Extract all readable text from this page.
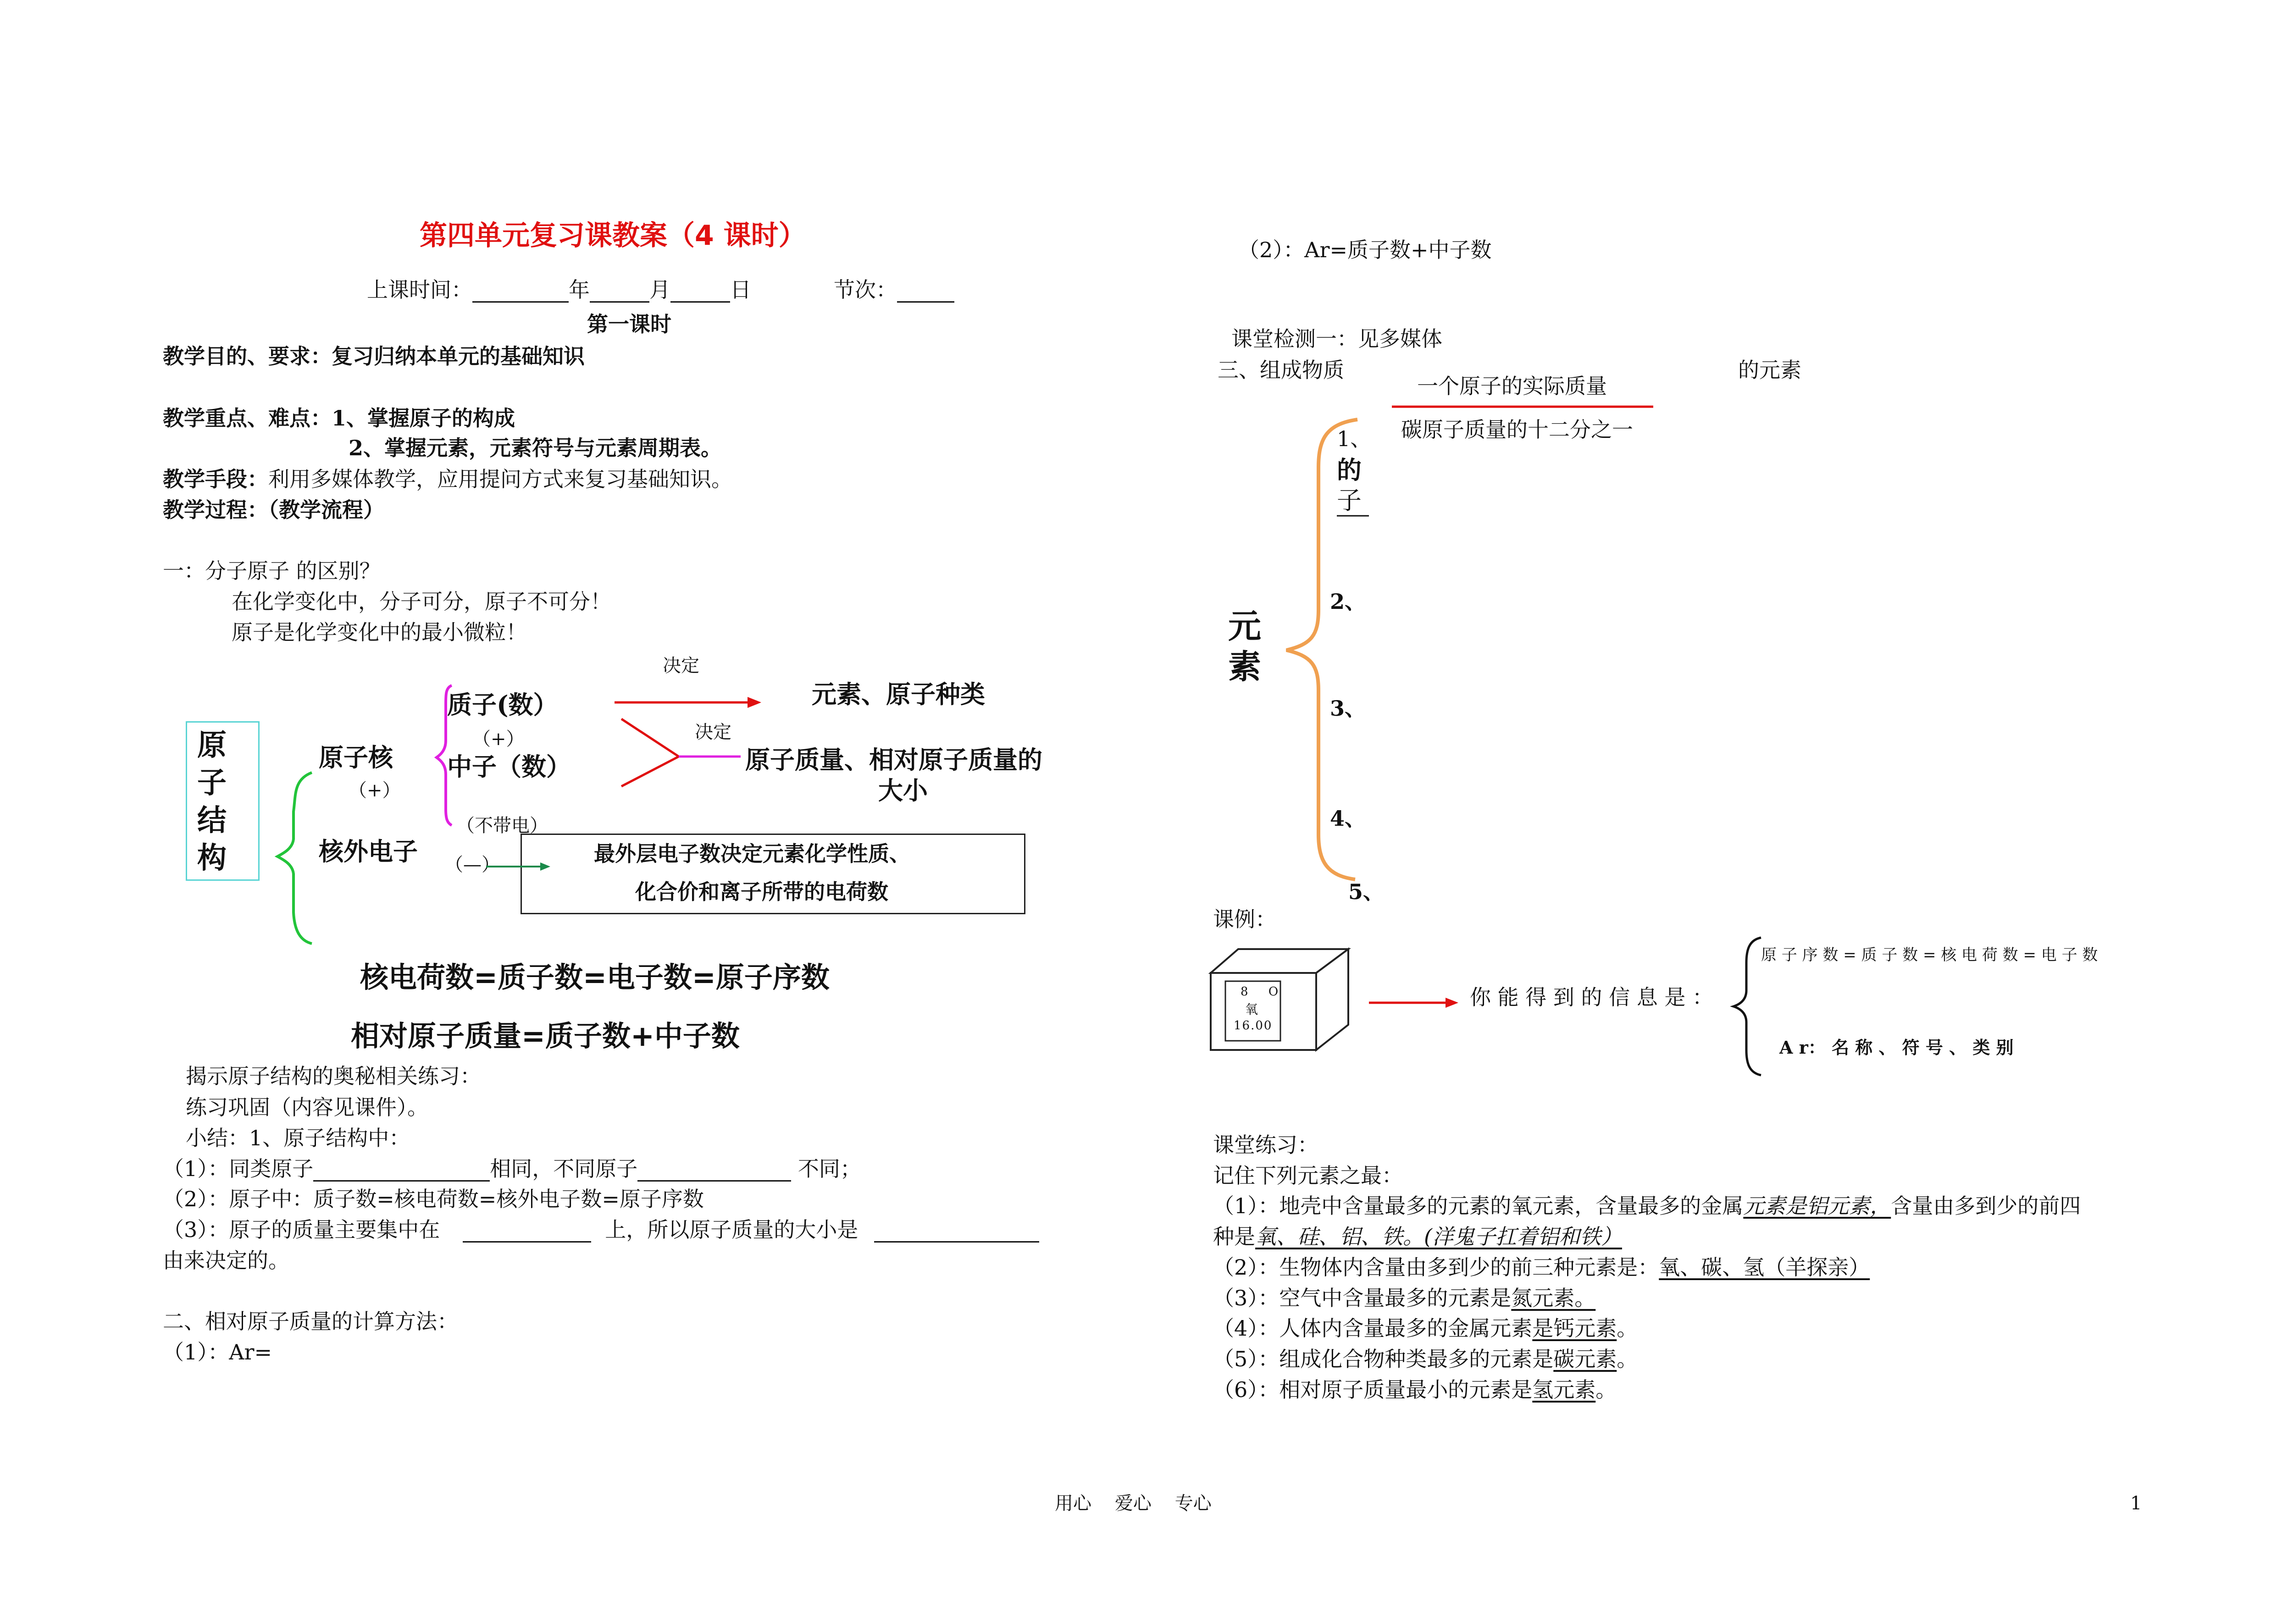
第四单元复习课教案（4 课时）
上课时间：	年	月	日	节次：
第一课时
教学目的、要求：复习归纳本单元的基础知识
教学重点、难点：1、掌握原子的构成
2、掌握元素，元素符号与元素周期表。
教学手段：利用多媒体教学，应用提问方式来复习基础知识。
教学过程：（教学流程）
一：分子原子 的区别？
在化学变化中，分子可分，原子不可分！
原子是化学变化中的最小微粒！
原
子
结
构
原子核
（+）
核外电子 （—）
质子(数）
（+）
中子（数）
（不带电）
决定
决定
元素、原子种类
原子质量、相对原子质量的
大小
最外层电子数决定元素化学性质、
化合价和离子所带的电荷数
核电荷数=质子数=电子数=原子序数
相对原子质量=质子数+中子数
揭示原子结构的奥秘相关练习：
练习巩固（内容见课件）。
小结：1、原子结构中：
（1）：同类原子	相同，不同原子	不同；
（2）：原子中：质子数=核电荷数=核外电子数=原子序数
（3）：原子的质量主要集中在	上，所以原子质量的大小是
由来决定的。
二、相对原子质量的计算方法：
（1）：Ar=
（2）：Ar=质子数+中子数
课堂检测一：见多媒体
三、组成物质	的元素
一个原子的实际质量
碳原子质量的十二分之一
元
素
1、
的
子
2、
3、
4、
5、
课例：
8 O
氧
16.00
你 能 得 到 的 信 息 是 ：
原 子 序 数 = 质 子 数 = 核 电 荷 数 = 电 子 数
A r： 名 称 、 符 号 、 类 别
课堂练习：
记住下列元素之最：
（1）：地壳中含量最多的元素的氧元素，含量最多的金属元素是铝元素，含量由多到少的前四
种是氧、硅、铝、铁。(洋鬼子扛着铝和铁）
（2）：生物体内含量由多到少的前三种元素是：氧、碳、氢（羊探亲）
（3）：空气中含量最多的元素是氮元素。
（4）：人体内含量最多的金属元素是钙元素。
（5）：组成化合物种类最多的元素是碳元素。
（6）：相对原子质量最小的元素是氢元素。
用心    爱心    专心	1
